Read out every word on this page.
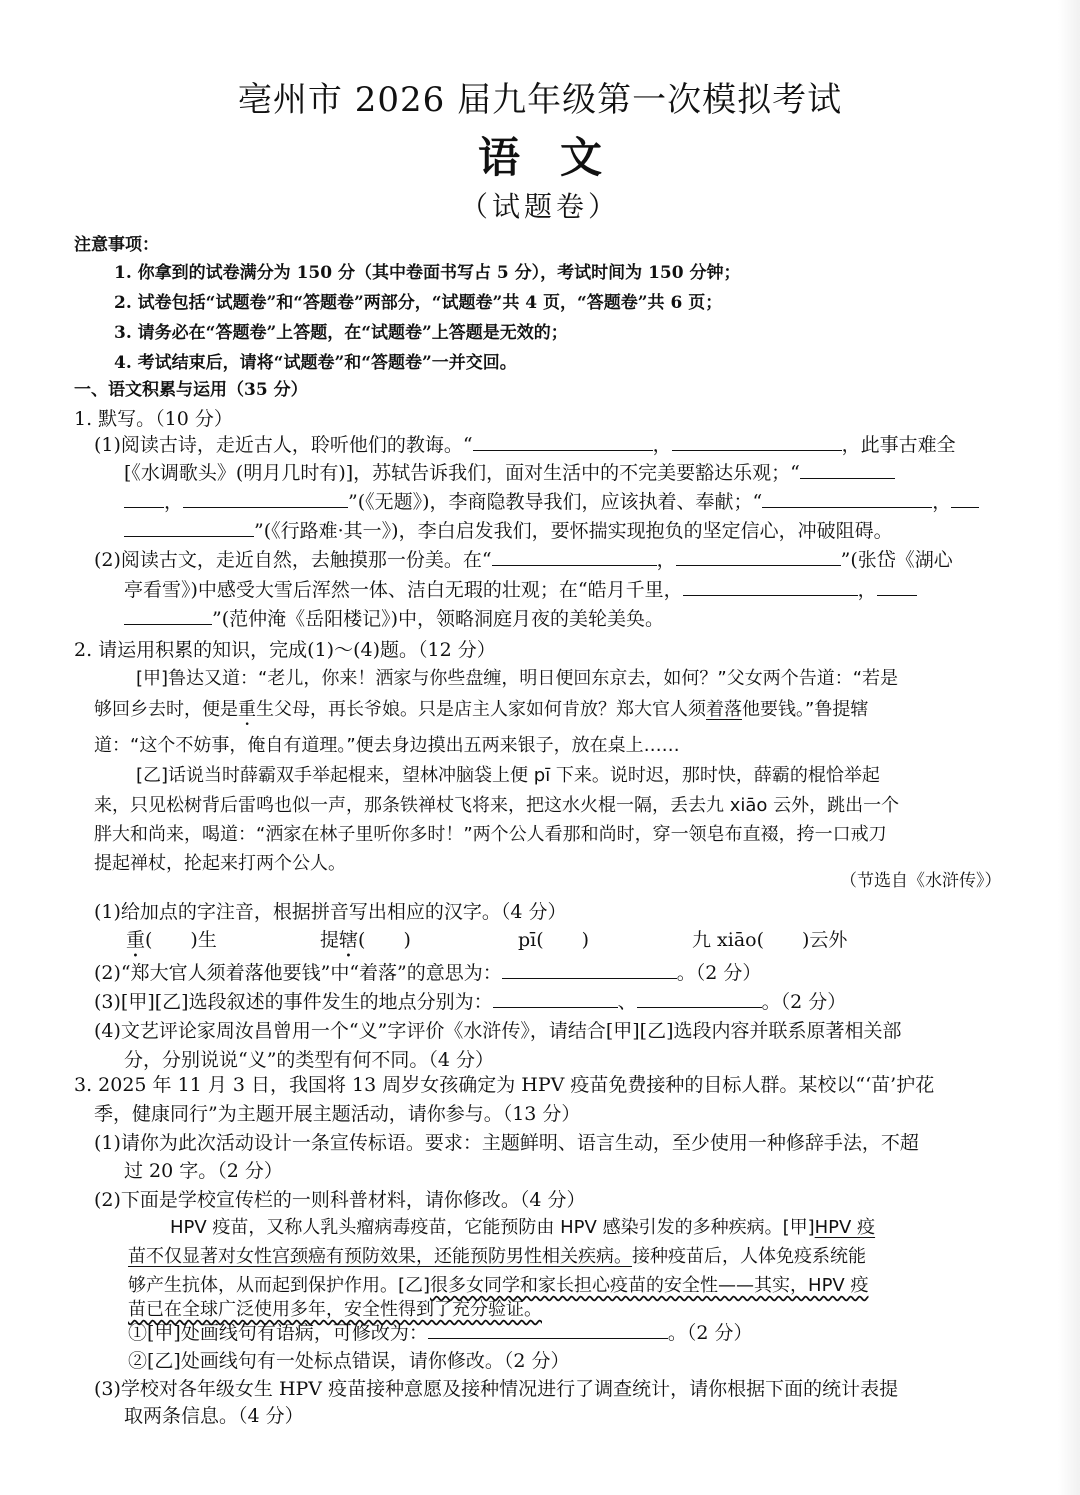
亳州市 2026 届九年级第一次模拟考试
语文
（试题卷）
注意事项：
1. 你拿到的试卷满分为 150 分（其中卷面书写占 5 分），考试时间为 150 分钟；
2. 试卷包括“试题卷”和“答题卷”两部分，“试题卷”共 4 页，“答题卷”共 6 页；
3. 请务必在“答题卷”上答题，在“试题卷”上答题是无效的；
4. 考试结束后，请将“试题卷”和“答题卷”一并交回。
一、语文积累与运用（35 分）
1. 默写。（10 分）
(1)阅读古诗，走近古人，聆听他们的教诲。“	，	，此事古难全
[《水调歌头》(明月几时有)]，苏轼告诉我们，面对生活中的不完美要豁达乐观；“
，	”(《无题》)，李商隐教导我们，应该执着、奉献；“	，
”(《行路难·其一》)，李白启发我们，要怀揣实现抱负的坚定信心，冲破阻碍。
(2)阅读古文，走近自然，去触摸那一份美。在“	，	”(张岱《湖心
亭看雪》)中感受大雪后浑然一体、洁白无瑕的壮观；在“皓月千里，	，
”(范仲淹《岳阳楼记》)中，领略洞庭月夜的美轮美奂。
2. 请运用积累的知识，完成(1)～(4)题。（12 分）
[甲]鲁达又道：“老儿，你来！洒家与你些盘缠，明日便回东京去，如何？”父女两个告道：“若是
够回乡去时，便是重生父母，再长爷娘。只是店主人家如何肯放？郑大官人须着落他要钱。”鲁提辖
道：“这个不妨事，俺自有道理。”便去身边摸出五两来银子，放在桌上……
[乙]话说当时薛霸双手举起棍来，望林冲脑袋上便 pī 下来。说时迟，那时快，薛霸的棍恰举起
来，只见松树背后雷鸣也似一声，那条铁禅杖飞将来，把这水火棍一隔，丢去九 xiāo 云外，跳出一个
胖大和尚来，喝道：“洒家在林子里听你多时！”两个公人看那和尚时，穿一领皂布直裰，挎一口戒刀
提起禅杖，抡起来打两个公人。
（节选自《水浒传》）
(1)给加点的字注音，根据拼音写出相应的汉字。（4 分）
重(　　)生	提辖(　　)	pī(　　)	九 xiāo(　　)云外
(2)“郑大官人须着落他要钱”中“着落”的意思为：	。（2 分）
(3)[甲][乙]选段叙述的事件发生的地点分别为：	、	。（2 分）
(4)文艺评论家周汝昌曾用一个“义”字评价《水浒传》，请结合[甲][乙]选段内容并联系原著相关部
分，分别说说“义”的类型有何不同。（4 分）
3. 2025 年 11 月 3 日，我国将 13 周岁女孩确定为 HPV 疫苗免费接种的目标人群。某校以“‘苗’护花
季，健康同行”为主题开展主题活动，请你参与。（13 分）
(1)请你为此次活动设计一条宣传标语。要求：主题鲜明、语言生动，至少使用一种修辞手法，不超
过 20 字。（2 分）
(2)下面是学校宣传栏的一则科普材料，请你修改。（4 分）
HPV 疫苗，又称人乳头瘤病毒疫苗，它能预防由 HPV 感染引发的多种疾病。[甲]HPV 疫
苗不仅显著对女性宫颈癌有预防效果，还能预防男性相关疾病。接种疫苗后，人体免疫系统能
够产生抗体，从而起到保护作用。[乙]很多女同学和家长担心疫苗的安全性——其实，HPV 疫
苗已在全球广泛使用多年，安全性得到了充分验证。
①[甲]处画线句有语病，可修改为：	。（2 分）
②[乙]处画线句有一处标点错误，请你修改。（2 分）
(3)学校对各年级女生 HPV 疫苗接种意愿及接种情况进行了调查统计，请你根据下面的统计表提
取两条信息。（4 分）
